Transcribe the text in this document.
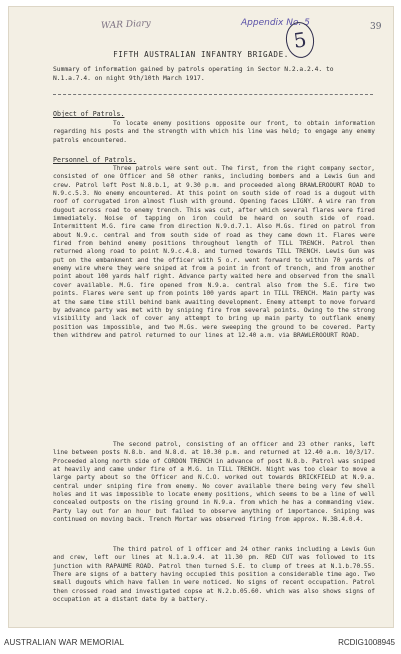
WAR Diary	Appendix No. 5
5
39
FIFTH AUSTRALIAN INFANTRY BRIGADE.
Summary of information gained by patrols operating in Sector N.2.a.2.4. to N.1.a.7.4. on night 9th/10th March 1917.
Object of Patrols.
To locate enemy positions opposite our front, to obtain information regarding his posts and the strength with which his line was held; to engage any enemy patrols encountered.
Personnel of Patrols.
Three patrols were sent out. The first, from the right company sector, consisted of one Officer and 50 other ranks, including bombers and a Lewis Gun and crew. Patrol left Post N.8.b.1, at 9.30 p.m. and proceeded along BRAWLEROOURT ROAD to N.9.c.5.3. No enemy encountered. At this point on south side of road is a dugout with roof of corrugated iron almost flush with ground. Opening faces LIGNY. A wire ran from dugout across road to enemy trench. This was cut, after which several flares were fired immediately. Noise of tapping on iron could be heard on south side of road. Intermittent M.G. fire came from direction N.9.d.7.1. Also M.Gs. fired on patrol from about N.9.c. central and from south side of road as they came down it. Flares were fired from behind enemy positions throughout length of TILL TRENCH. Patrol then returned along road to point N.9.c.4.8. and turned towards TILL TRENCH. Lewis Gun was put on the embankment and the officer with 5 o.r. went forward to within 70 yards of enemy wire where they were sniped at from a point in front of trench, and from another point about 100 yards half right. Advance party waited here and observed from the small cover available. M.G. fire opened from N.9.a. central also from the S.E. fire two points. Flares were sent up from points 100 yards apart in TILL TRENCH. Main party was at the same time still behind bank awaiting development. Enemy attempt to move forward by advance party was met with by sniping fire from several points. Owing to the strong visibility and lack of cover any attempt to bring up main party to outflank enemy position was impossible, and two M.Gs. were sweeping the ground to be covered. Party then withdrew and patrol returned to our lines at 12.40 a.m. via BRAWLEROOURT ROAD.
The second patrol, consisting of an officer and 23 other ranks, left line between posts N.8.b. and N.8.d. at 10.30 p.m. and returned at 12.40 a.m. 10/3/17. Proceeded along north side of CORDON TRENCH in advance of post N.8.b. Patrol was sniped at heavily and came under fire of a M.G. in TILL TRENCH. Night was too clear to move a large party about so the Officer and N.C.O. worked out towards BRICKFIELD at N.9.a. central under sniping fire from enemy. No cover available there being very few shell holes and it was impossible to locate enemy positions, which seems to be a line of well concealed outposts on the rising ground in N.9.a. from which he has a commanding view. Party lay out for an hour but failed to observe anything of importance. Sniping was continued on moving back. Trench Mortar was observed firing from approx. N.3B.4.0.4.
The third patrol of 1 officer and 24 other ranks including a Lewis Gun and crew, left our lines at N.1.a.9.4. at 11.30 pm. RED CUT was followed to its junction with RAPAUME ROAD. Patrol then turned S.E. to clump of trees at N.1.b.70.55. There are signs of a battery having occupied this position a considerable time ago. Two small dugouts which have fallen in were noticed. No signs of recent occupation. Patrol then crossed road and investigated copse at N.2.b.05.60. which was also shows signs of occupation at a distant date by a battery.
AUSTRALIAN WAR MEMORIAL	RCDIG1008945
